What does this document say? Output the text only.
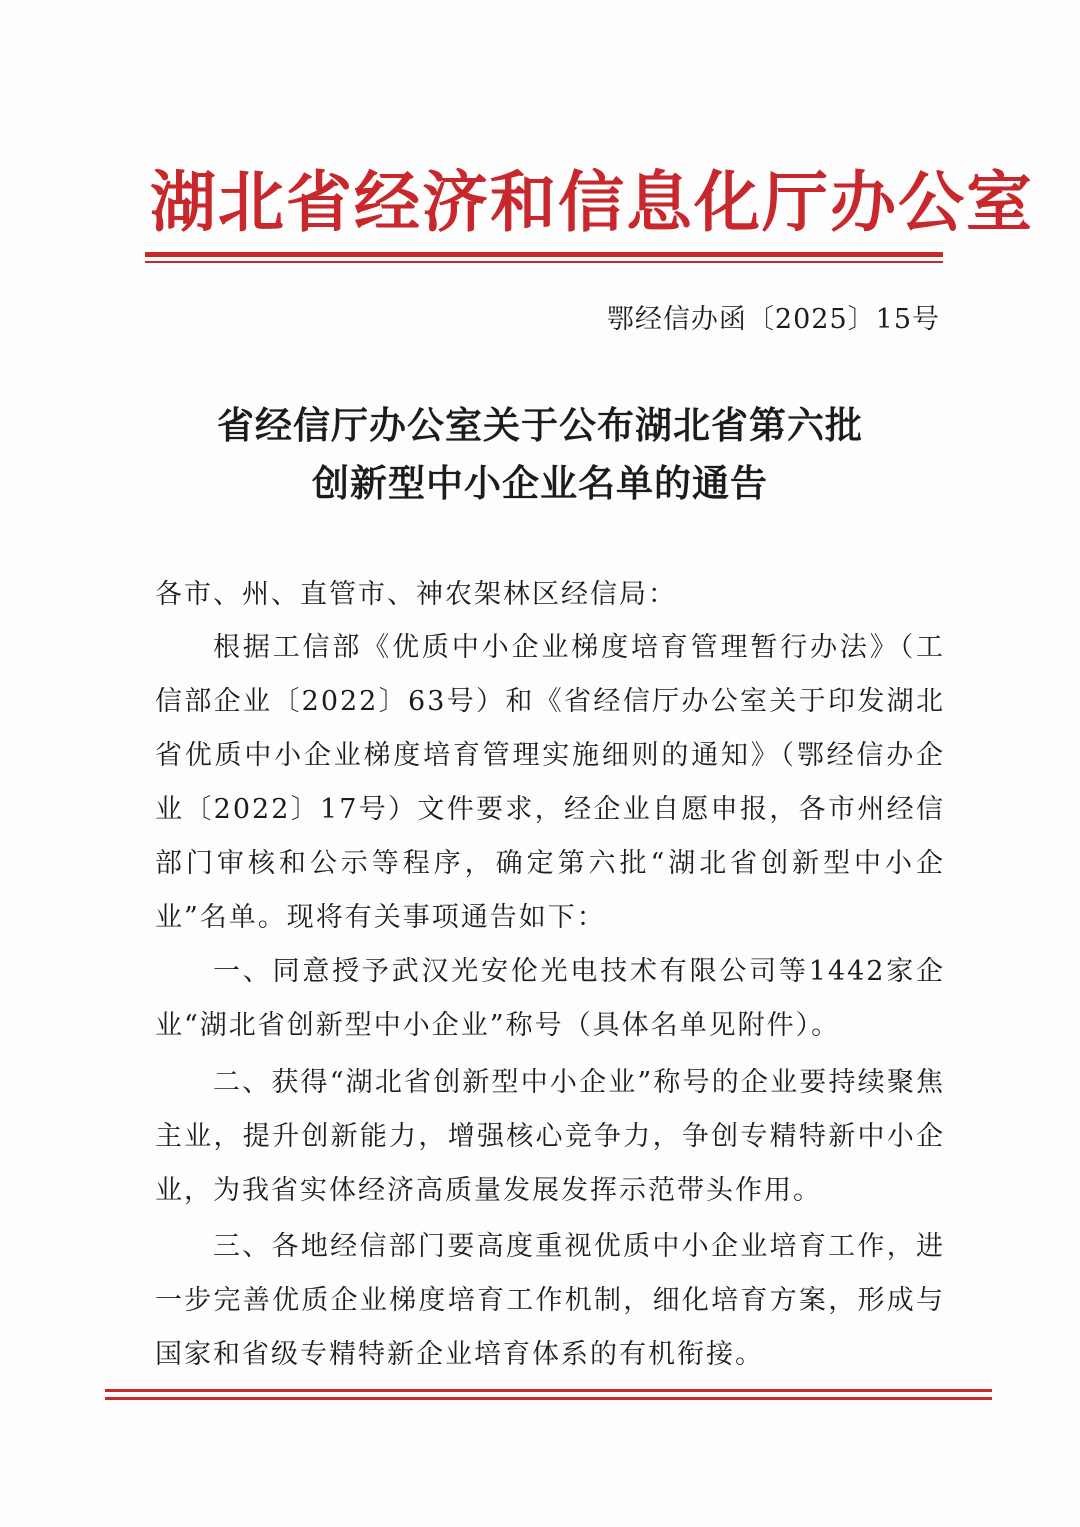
湖北省经济和信息化厅办公室
鄂经信办函〔2025〕15号
省经信厅办公室关于公布湖北省第六批
创新型中小企业名单的通告
各市、州、直管市、神农架林区经信局：

根据工信部《优质中小企业梯度培育管理暂行办法》（工信部企业〔2022〕63号）和《省经信厅办公室关于印发湖北省优质中小企业梯度培育管理实施细则的通知》（鄂经信办企业〔2022〕17号）文件要求，经企业自愿申报，各市州经信部门审核和公示等程序，确定第六批“湖北省创新型中小企业”名单。现将有关事项通告如下：

一、同意授予武汉光安伦光电技术有限公司等1442家企业“湖北省创新型中小企业”称号（具体名单见附件）。

二、获得“湖北省创新型中小企业”称号的企业要持续聚焦主业，提升创新能力，增强核心竞争力，争创专精特新中小企业，为我省实体经济高质量发展发挥示范带头作用。

三、各地经信部门要高度重视优质中小企业培育工作，进一步完善优质企业梯度培育工作机制，细化培育方案，形成与国家和省级专精特新企业培育体系的有机衔接。
